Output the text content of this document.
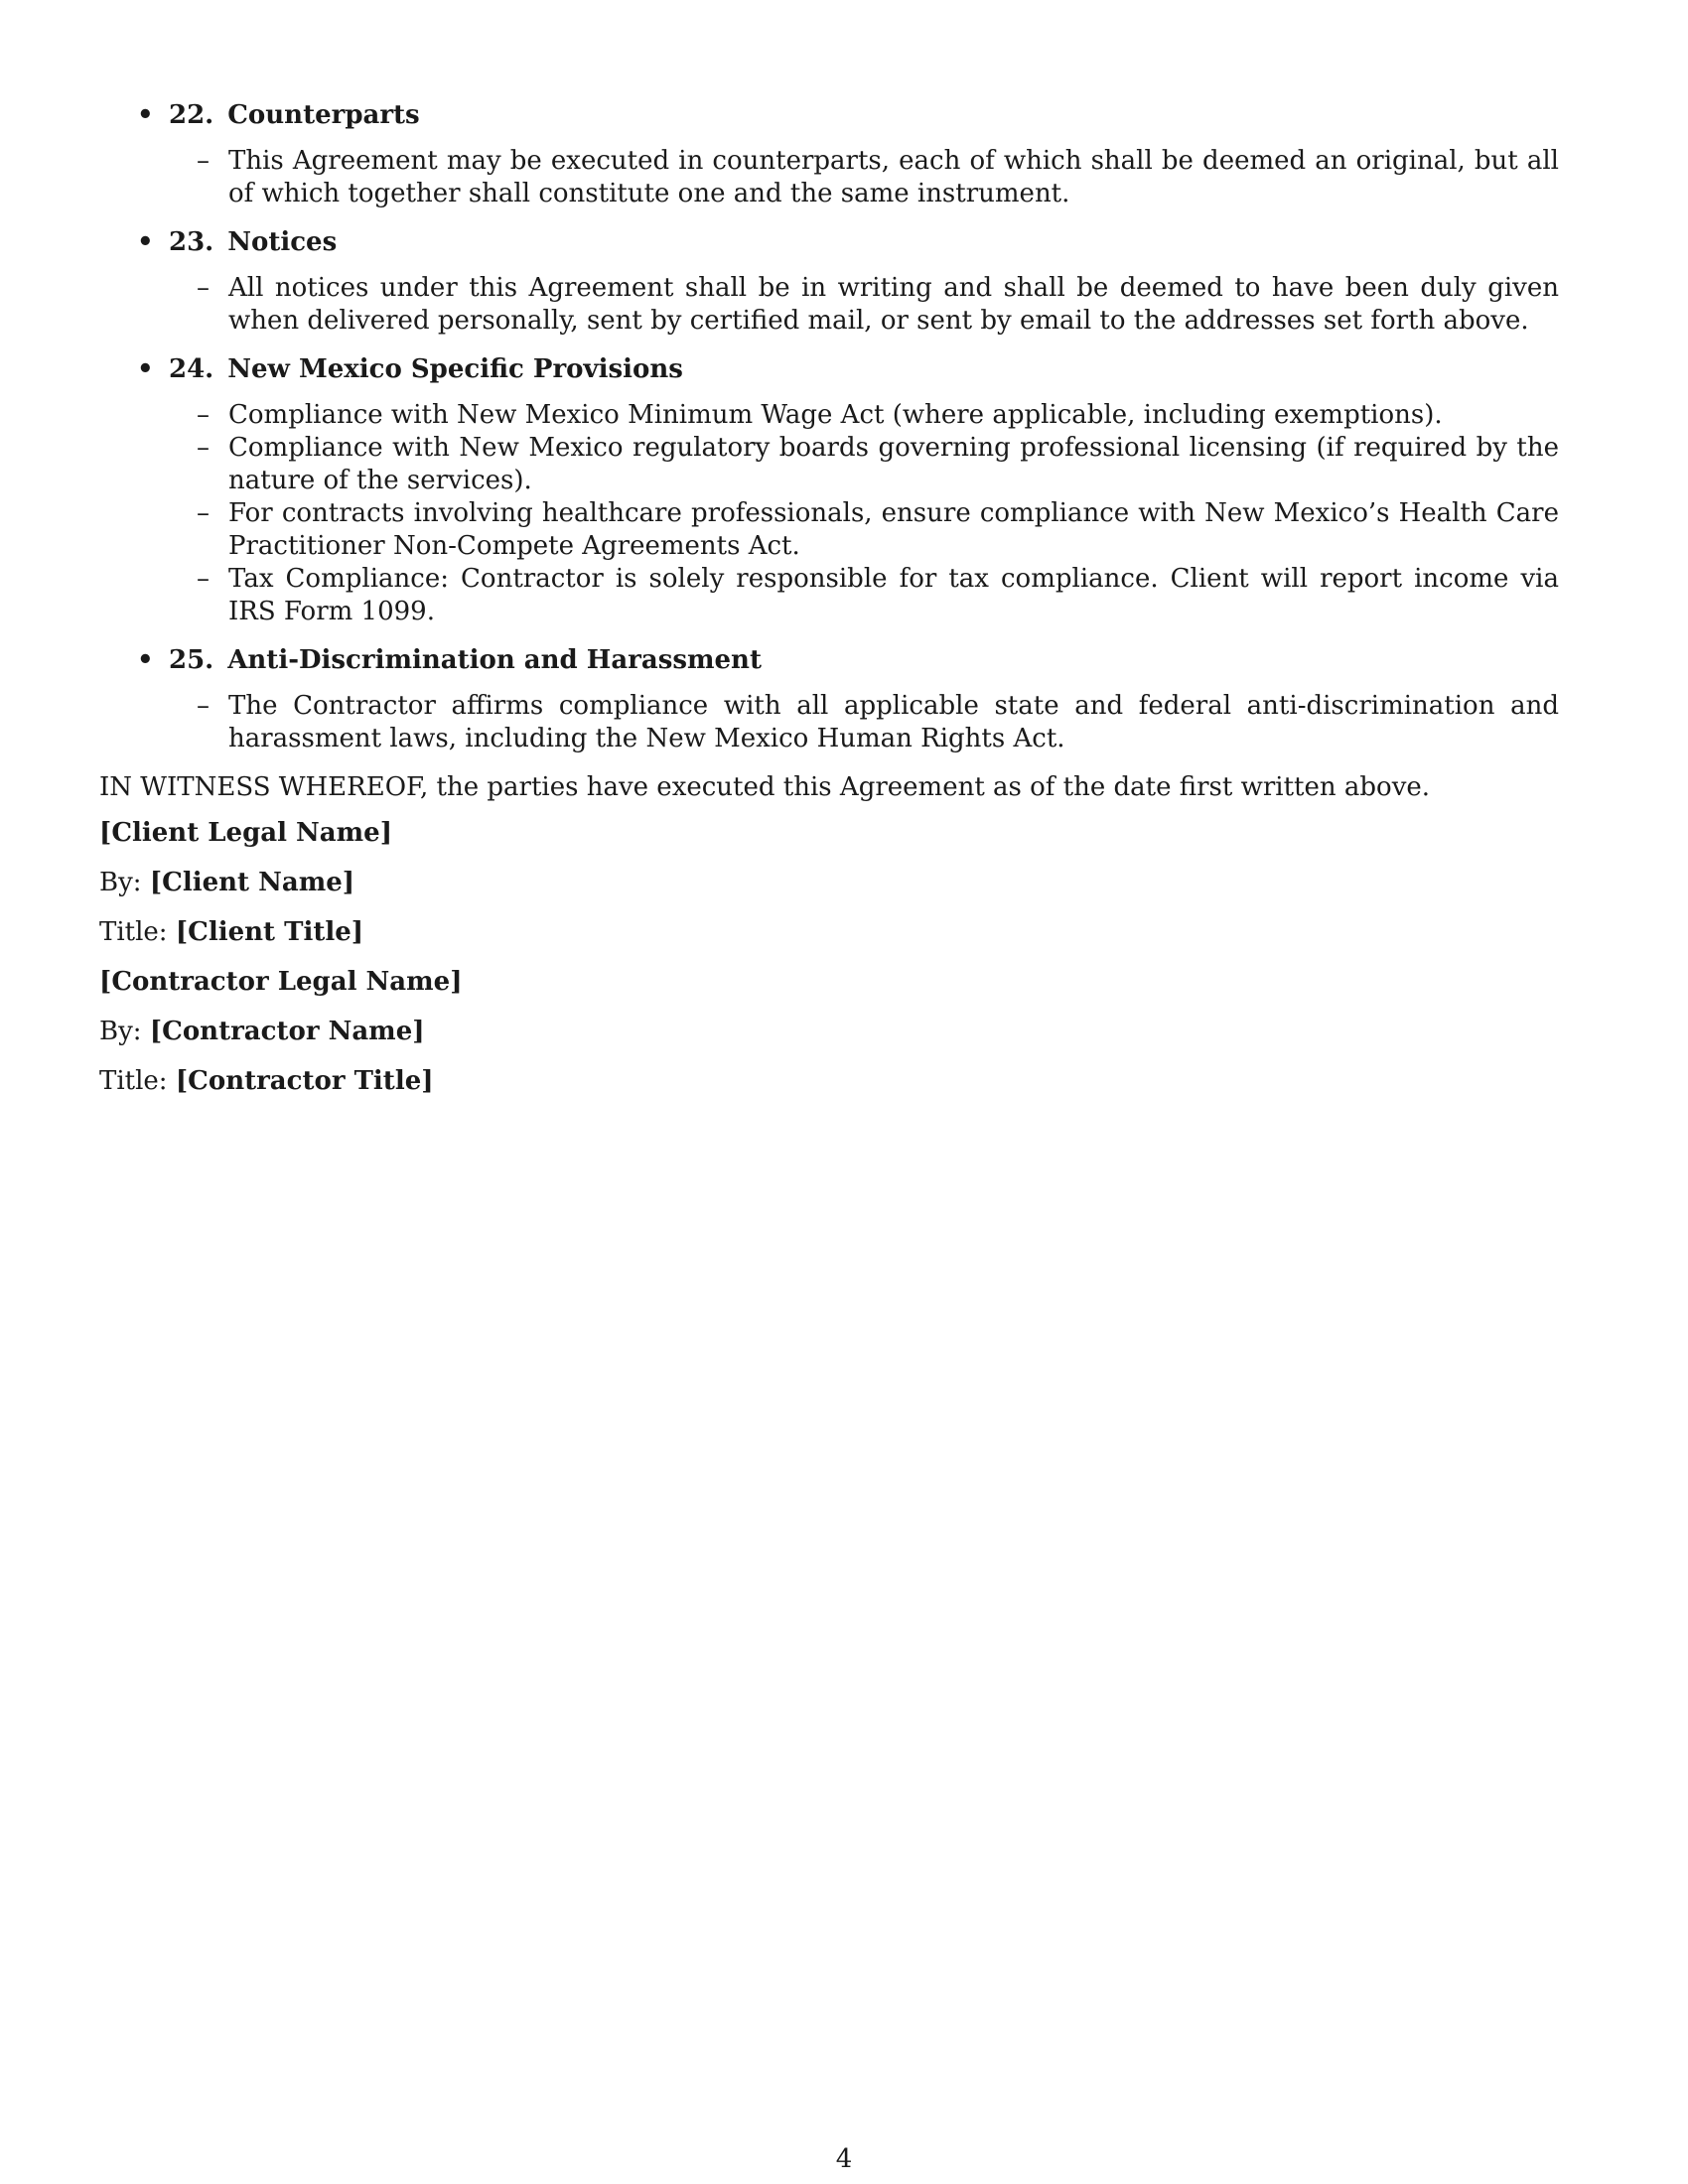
• 22. Counterparts
– This Agreement may be executed in counterparts, each of which shall be deemed an original, but all of which together shall constitute one and the same instrument.
• 23. Notices
– All notices under this Agreement shall be in writing and shall be deemed to have been duly given when delivered personally, sent by certified mail, or sent by email to the addresses set forth above.
• 24. New Mexico Specific Provisions
– Compliance with New Mexico Minimum Wage Act (where applicable, including exemptions).
– Compliance with New Mexico regulatory boards governing professional licensing (if required by the nature of the services).
– For contracts involving healthcare professionals, ensure compliance with New Mexico’s Health Care Practitioner Non-Compete Agreements Act.
– Tax Compliance: Contractor is solely responsible for tax compliance. Client will report income via IRS Form 1099.
• 25. Anti-Discrimination and Harassment
– The Contractor affirms compliance with all applicable state and federal anti-discrimination and harassment laws, including the New Mexico Human Rights Act.

IN WITNESS WHEREOF, the parties have executed this Agreement as of the date first written above.

[Client Legal Name]

By: [Client Name]

Title: [Client Title]

[Contractor Legal Name]

By: [Contractor Name]

Title: [Contractor Title]

4
